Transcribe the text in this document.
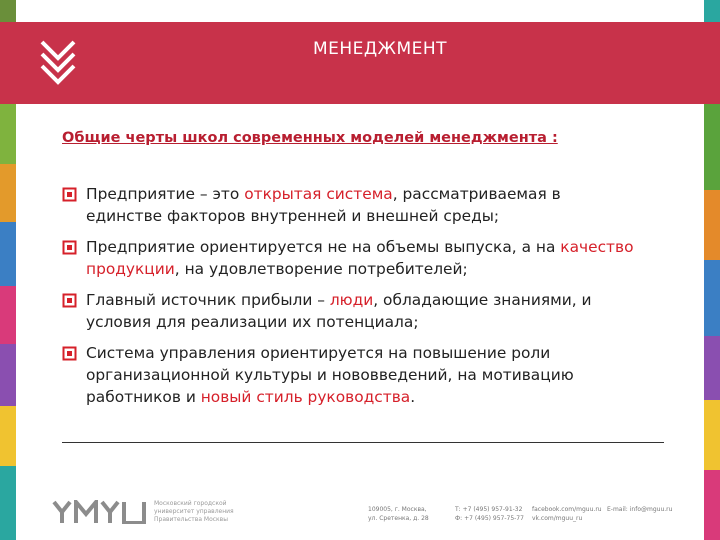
МЕНЕДЖМЕНТ

Общие черты школ современных моделей менеджмента :

Предприятие – это открытая система, рассматриваемая в
единстве факторов внутренней и внешней среды;
Предприятие ориентируется не на объемы выпуска, а на качество
продукции, на удовлетворение потребителей;
Главный источник прибыли – люди, обладающие знаниями, и
условия для реализации их потенциала;
Система управления ориентируется на повышение роли
организационной культуры и нововведений, на мотивацию
работников и новый стиль руководства.
Московский городской
университет управления
Правительства Москвы
109005, г. Москва,
ул. Сретенка, д. 28
Т: +7 (495) 957-91-32
Ф: +7 (495) 957-75-77
facebook.com/mguu.ru
vk.com/mguu_ru
E-mail: info@mguu.ru
